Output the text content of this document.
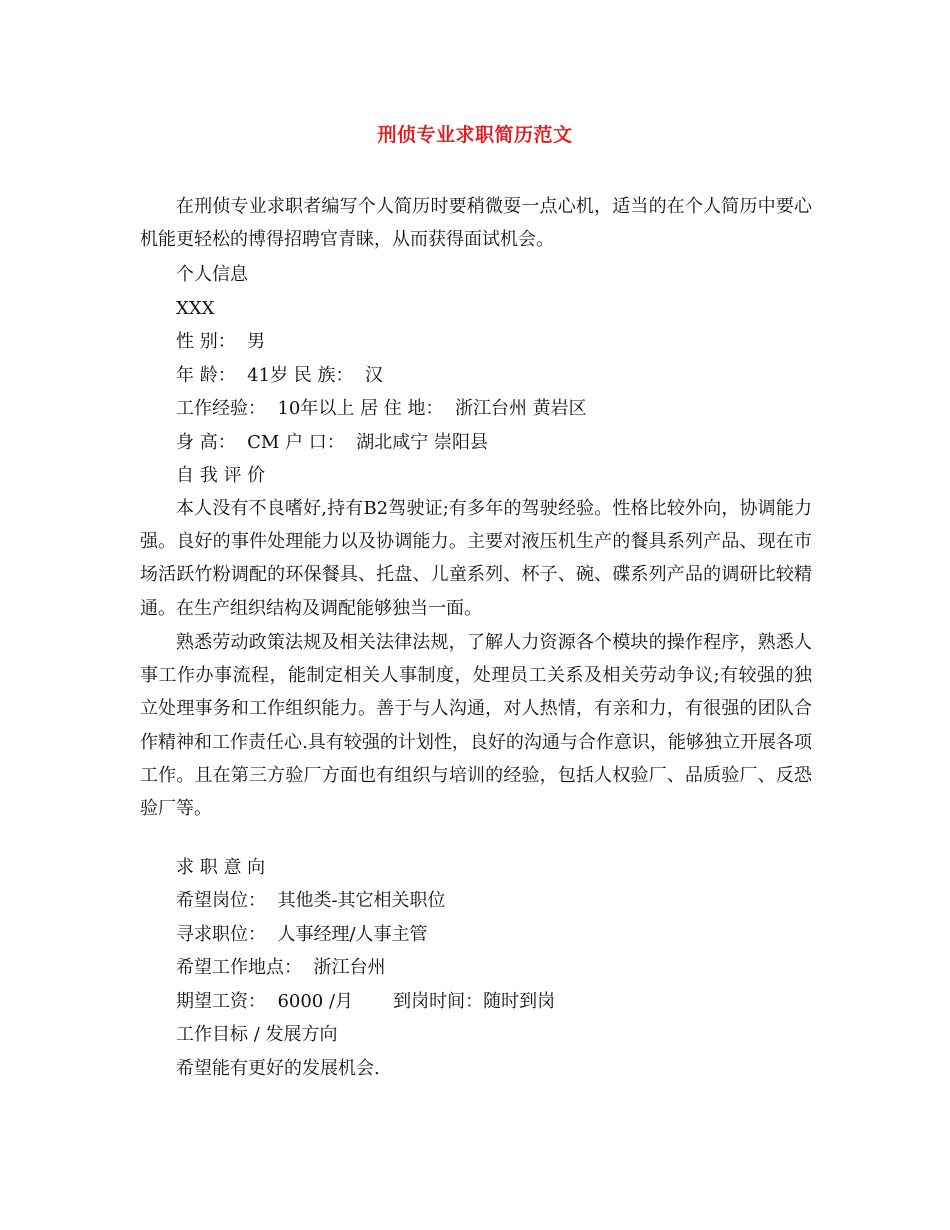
刑侦专业求职简历范文
在刑侦专业求职者编写个人简历时要稍微耍一点心机，适当的在个人简历中要心机能更轻松的博得招聘官青睐，从而获得面试机会。
个人信息
XXX
性 别：  男
年 龄：  41岁 民 族：  汉
工作经验：  10年以上 居 住 地：  浙江台州 黄岩区
身 高：  CM 户 口：  湖北咸宁 崇阳县
自 我 评 价
本人没有不良嗜好,持有B2驾驶证;有多年的驾驶经验。性格比较外向，协调能力强。良好的事件处理能力以及协调能力。主要对液压机生产的餐具系列产品、现在市场活跃竹粉调配的环保餐具、托盘、儿童系列、杯子、碗、碟系列产品的调研比较精通。在生产组织结构及调配能够独当一面。
熟悉劳动政策法规及相关法律法规，了解人力资源各个模块的操作程序，熟悉人事工作办事流程，能制定相关人事制度，处理员工关系及相关劳动争议;有较强的独立处理事务和工作组织能力。善于与人沟通，对人热情，有亲和力，有很强的团队合作精神和工作责任心.具有较强的计划性，良好的沟通与合作意识，能够独立开展各项工作。且在第三方验厂方面也有组织与培训的经验，包括人权验厂、品质验厂、反恐验厂等。
求 职 意 向
希望岗位：  其他类-其它相关职位
寻求职位：  人事经理/人事主管
希望工作地点：  浙江台州
期望工资：  6000 /月       到岗时间：随时到岗
工作目标 / 发展方向
希望能有更好的发展机会.
